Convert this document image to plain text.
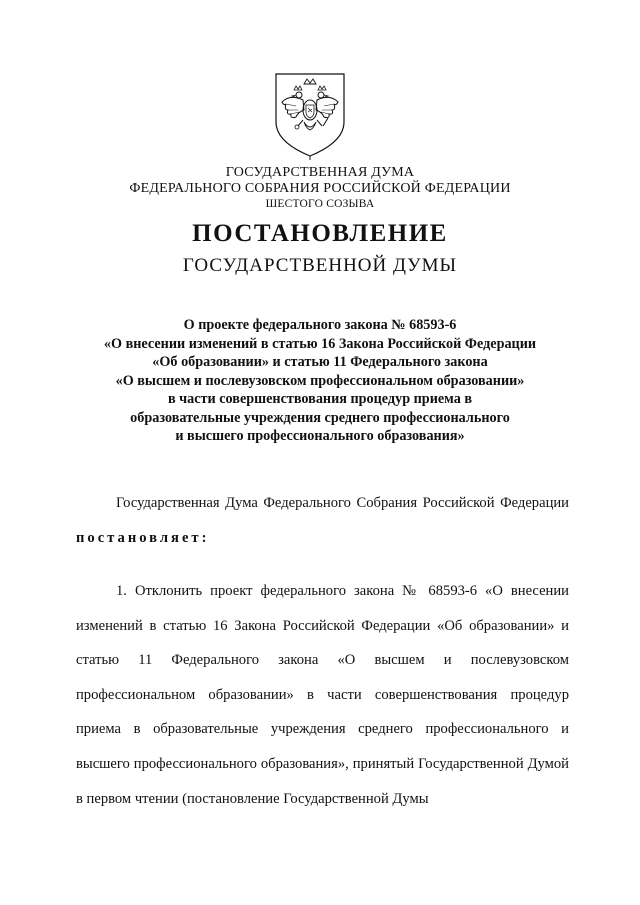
ГОСУДАРСТВЕННАЯ ДУМА
ФЕДЕРАЛЬНОГО СОБРАНИЯ РОССИЙСКОЙ ФЕДЕРАЦИИ
ШЕСТОГО СОЗЫВА
ПОСТАНОВЛЕНИЕ
ГОСУДАРСТВЕННОЙ ДУМЫ
О проекте федерального закона № 68593-6
«О внесении изменений в статью 16 Закона Российской Федерации
«Об образовании» и статью 11 Федерального закона
«О высшем и послевузовском профессиональном образовании»
в части совершенствования процедур приема в
образовательные учреждения среднего профессионального
и высшего профессионального образования»
Государственная Дума Федерального Собрания Российской Федерации постановляет:
1. Отклонить проект федерального закона № 68593-6 «О внесении изменений в статью 16 Закона Российской Федерации «Об образовании» и статью 11 Федерального закона «О высшем и послевузовском профессиональном образовании» в части совершенствования процедур приема в образовательные учреждения среднего профессионального и высшего профессионального образования», принятый Государственной Думой в первом чтении (постановление Государственной Думы
